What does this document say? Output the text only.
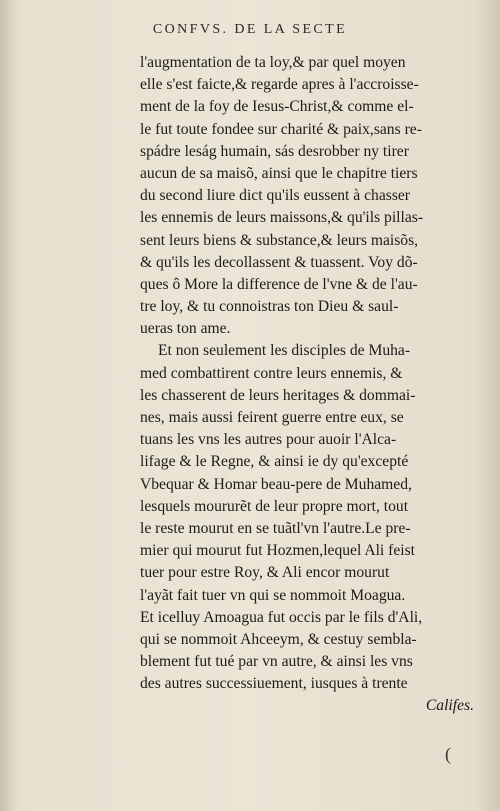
CONFVS. DE LA SECTE
l'augmentation de ta loy,& par quel moyen
elle s'est faicte,& regarde apres à l'accroisse-
ment de la foy de Iesus-Christ,& comme el-
le fut toute fondee sur charité & paix,sans re-
spádre leság humain, sás desrobber ny tirer
aucun de sa maisõ, ainsi que le chapitre tiers
du second liure dict qu'ils eussent à chasser
les ennemis de leurs maissons,& qu'ils pillas-
sent leurs biens & substance,& leurs maisõs,
& qu'ils les decollassent & tuassent. Voy dõ-
ques ô More la difference de l'vne & de l'au-
tre loy, & tu connoistras ton Dieu & saul-
ueras ton ame.
Et non seulement les disciples de Muha-
med combattirent contre leurs ennemis, &
les chasserent de leurs heritages & dommai-
nes, mais aussi feirent guerre entre eux, se
tuans les vns les autres pour auoir l'Alca-
lifage & le Regne, & ainsi ie dy qu'excepté
Vbequar & Homar beau-pere de Muhamed,
lesquels moururẽt de leur propre mort, tout
le reste mourut en se tuãtl'vn l'autre.Le pre-
mier qui mourut fut Hozmen,lequel Ali feist
tuer pour estre Roy, & Ali encor mourut
l'ayãt fait tuer vn qui se nommoit Moagua.
Et icelluy Amoagua fut occis par le fils d'Ali,
qui se nommoit Ahceeym, & cestuy sembla-
blement fut tué par vn autre, & ainsi les vns
des autres successiuement, iusques à trente
Califes.
(
